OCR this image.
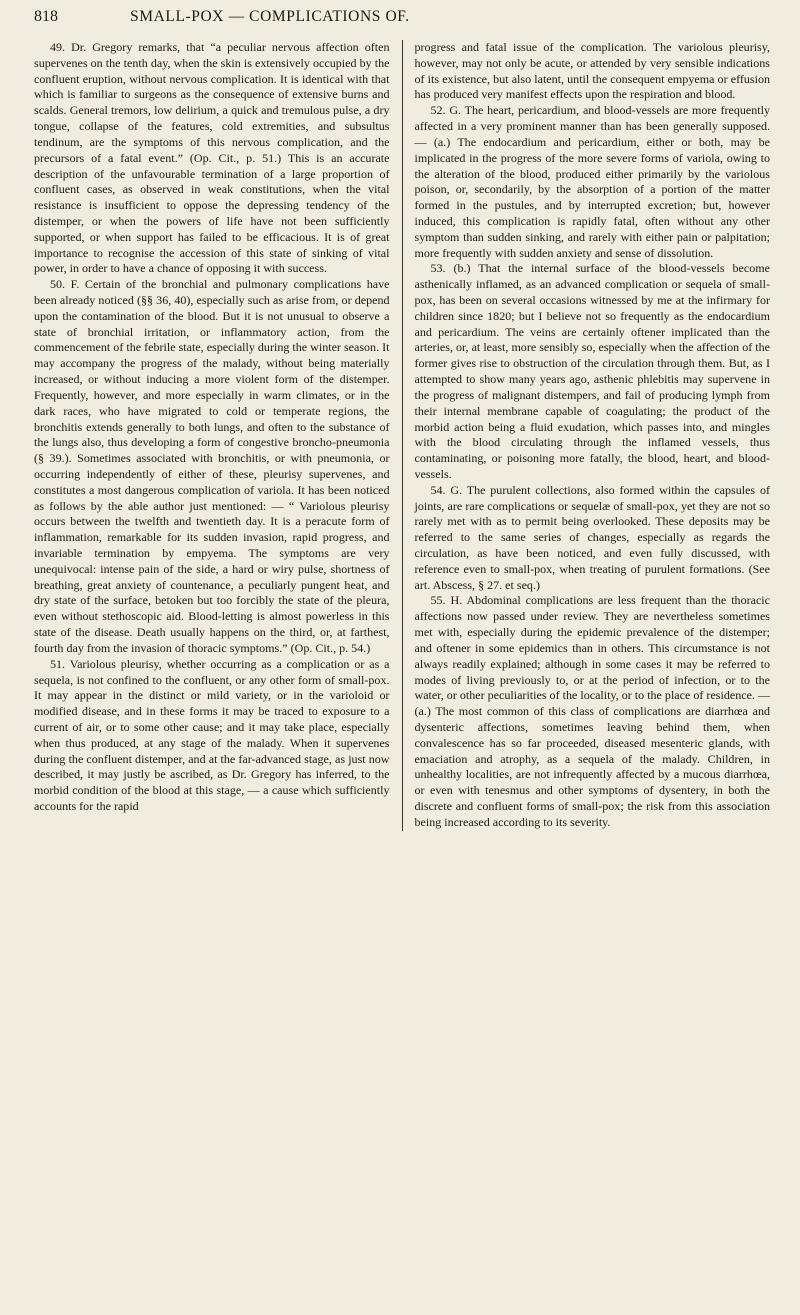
818	SMALL-POX — COMPLICATIONS OF.

49. Dr. Gregory remarks, that “a peculiar nervous affection often supervenes on the tenth day, when the skin is extensively occupied by the confluent eruption, without nervous complication. It is identical with that which is familiar to surgeons as the consequence of extensive burns and scalds. General tremors, low delirium, a quick and tremulous pulse, a dry tongue, collapse of the features, cold extremities, and subsultus tendinum, are the symptoms of this nervous complication, and the precursors of a fatal event.” (Op. Cit., p. 51.) This is an accurate description of the unfavourable termination of a large proportion of confluent cases, as observed in weak constitutions, when the vital resistance is insufficient to oppose the depressing tendency of the distemper, or when the powers of life have not been sufficiently supported, or when support has failed to be efficacious. It is of great importance to recognise the accession of this state of sinking of vital power, in order to have a chance of opposing it with success.

50. F. Certain of the bronchial and pulmonary complications have been already noticed (§§ 36, 40), especially such as arise from, or depend upon the contamination of the blood. But it is not unusual to observe a state of bronchial irritation, or inflammatory action, from the commencement of the febrile state, especially during the winter season. It may accompany the progress of the malady, without being materially increased, or without inducing a more violent form of the distemper. Frequently, however, and more especially in warm climates, or in the dark races, who have migrated to cold or temperate regions, the bronchitis extends generally to both lungs, and often to the substance of the lungs also, thus developing a form of congestive broncho-pneumonia (§ 39.). Sometimes associated with bronchitis, or with pneumonia, or occurring independently of either of these, pleurisy supervenes, and constitutes a most dangerous complication of variola. It has been noticed as follows by the able author just mentioned: — “ Variolous pleurisy occurs between the twelfth and twentieth day. It is a peracute form of inflammation, remarkable for its sudden invasion, rapid progress, and invariable termination by empyema. The symptoms are very unequivocal: intense pain of the side, a hard or wiry pulse, shortness of breathing, great anxiety of countenance, a peculiarly pungent heat, and dry state of the surface, betoken but too forcibly the state of the pleura, even without stethoscopic aid. Blood-letting is almost powerless in this state of the disease. Death usually happens on the third, or, at farthest, fourth day from the invasion of thoracic symptoms.” (Op. Cit., p. 54.)

51. Variolous pleurisy, whether occurring as a complication or as a sequela, is not confined to the confluent, or any other form of small-pox. It may appear in the distinct or mild variety, or in the varioloid or modified disease, and in these forms it may be traced to exposure to a current of air, or to some other cause; and it may take place, especially when thus produced, at any stage of the malady. When it supervenes during the confluent distemper, and at the far-advanced stage, as just now described, it may justly be ascribed, as Dr. Gregory has inferred, to the morbid condition of the blood at this stage, — a cause which sufficiently accounts for the rapid

progress and fatal issue of the complication. The variolous pleurisy, however, may not only be acute, or attended by very sensible indications of its existence, but also latent, until the consequent empyema or effusion has produced very manifest effects upon the respiration and blood.

52. G. The heart, pericardium, and blood-vessels are more frequently affected in a very prominent manner than has been generally supposed. — (a.) The endocardium and pericardium, either or both, may be implicated in the progress of the more severe forms of variola, owing to the alteration of the blood, produced either primarily by the variolous poison, or, secondarily, by the absorption of a portion of the matter formed in the pustules, and by interrupted excretion; but, however induced, this complication is rapidly fatal, often without any other symptom than sudden sinking, and rarely with either pain or palpitation; more frequently with sudden anxiety and sense of dissolution.

53. (b.) That the internal surface of the blood-vessels become asthenically inflamed, as an advanced complication or sequela of small-pox, has been on several occasions witnessed by me at the infirmary for children since 1820; but I believe not so frequently as the endocardium and pericardium. The veins are certainly oftener implicated than the arteries, or, at least, more sensibly so, especially when the affection of the former gives rise to obstruction of the circulation through them. But, as I attempted to show many years ago, asthenic phlebitis may supervene in the progress of malignant distempers, and fail of producing lymph from their internal membrane capable of coagulating; the product of the morbid action being a fluid exudation, which passes into, and mingles with the blood circulating through the inflamed vessels, thus contaminating, or poisoning more fatally, the blood, heart, and blood-vessels.

54. G. The purulent collections, also formed within the capsules of joints, are rare complications or sequelæ of small-pox, yet they are not so rarely met with as to permit being overlooked. These deposits may be referred to the same series of changes, especially as regards the circulation, as have been noticed, and even fully discussed, with reference even to small-pox, when treating of purulent formations. (See art. Abscess, § 27. et seq.)

55. H. Abdominal complications are less frequent than the thoracic affections now passed under review. They are nevertheless sometimes met with, especially during the epidemic prevalence of the distemper; and oftener in some epidemics than in others. This circumstance is not always readily explained; although in some cases it may be referred to modes of living previously to, or at the period of infection, or to the water, or other peculiarities of the locality, or to the place of residence. — (a.) The most common of this class of complications are diarrhœa and dysenteric affections, sometimes leaving behind them, when convalescence has so far proceeded, diseased mesenteric glands, with emaciation and atrophy, as a sequela of the malady. Children, in unhealthy localities, are not infrequently affected by a mucous diarrhœa, or even with tenesmus and other symptoms of dysentery, in both the discrete and confluent forms of small-pox; the risk from this association being increased according to its severity.
